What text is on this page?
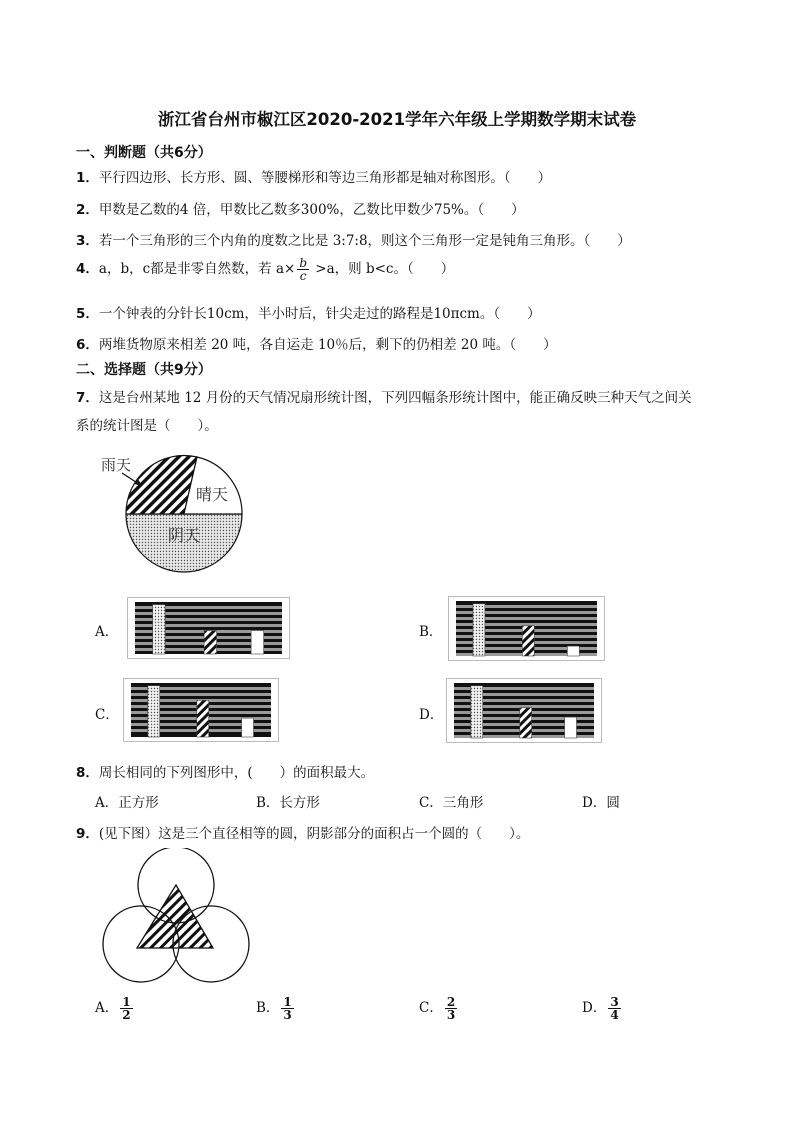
浙江省台州市椒江区2020-2021学年六年级上学期数学期末试卷
一、判断题（共6分）
1．平行四边形、长方形、圆、等腰梯形和等边三角形都是轴对称图形。（　　）
2．甲数是乙数的4 倍，甲数比乙数多300%，乙数比甲数少75%。（　　）
3．若一个三角形的三个内角的度数之比是 3:7:8，则这个三角形一定是钝角三角形。（　　）
4．a，b，c都是非零自然数，若 $a\times \frac{b}{c} >a$，则 b<c。（　　）
5．一个钟表的分针长10cm，半小时后，针尖走过的路程是10πcm。（　　）
6．两堆货物原来相差 20 吨，各自运走 10％后，剩下的仍相差 20 吨。（　　）
二、选择题（共9分）
7．这是台州某地 12 月份的天气情况扇形统计图，下列四幅条形统计图中，能正确反映三种天气之间关
系的统计图是（　　）。
雨天
晴天
阴天
A．	B．
C．	D．
8．周长相同的下列图形中，(　　）的面积最大。
A．正方形	B．长方形	C．三角形	D．圆
9．(见下图）这是三个直径相等的圆，阴影部分的面积占一个圆的（　　）。
A． $\frac{1}{2}$	B． $\frac{1}{3}$	C． $\frac{2}{3}$	D． $\frac{3}{4}$
